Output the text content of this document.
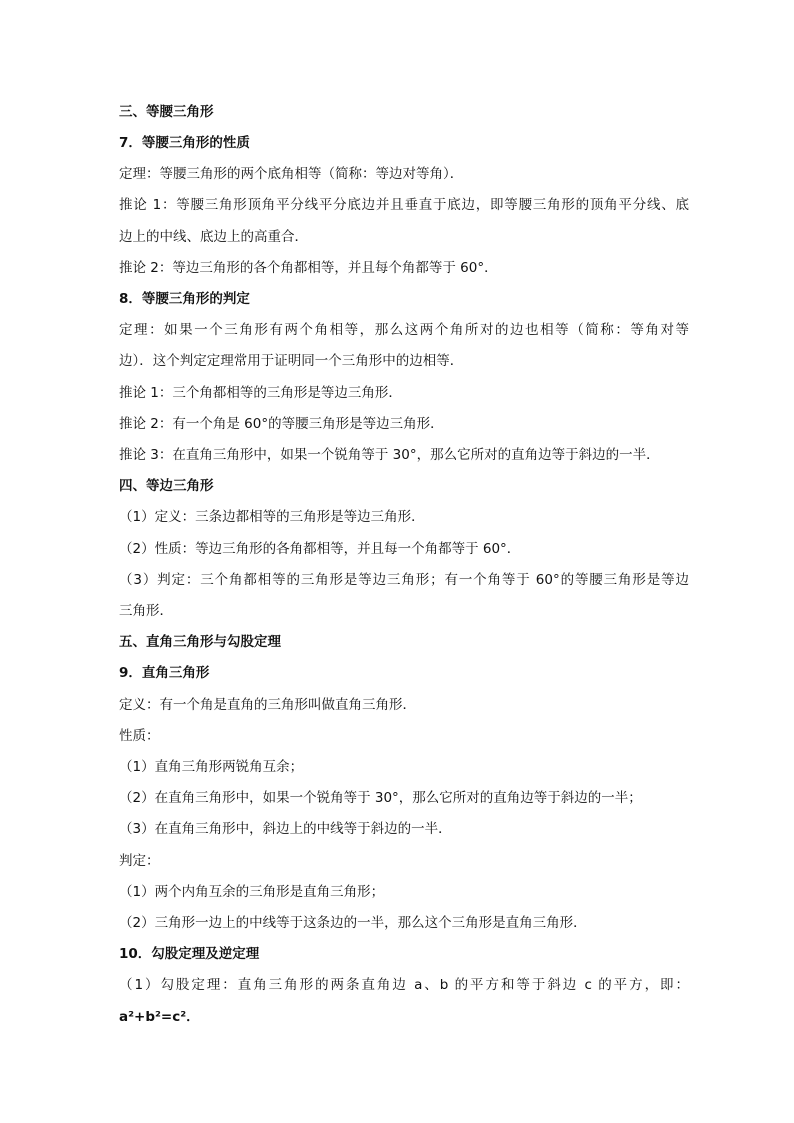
三、等腰三角形
7．等腰三角形的性质
定理：等腰三角形的两个底角相等（简称：等边对等角）．
推论 1：等腰三角形顶角平分线平分底边并且垂直于底边，即等腰三角形的顶角平分线、底
边上的中线、底边上的高重合．
推论 2：等边三角形的各个角都相等，并且每个角都等于 60°．
8．等腰三角形的判定
定理：如果一个三角形有两个角相等，那么这两个角所对的边也相等（简称：等角对等
边）．这个判定定理常用于证明同一个三角形中的边相等．
推论 1：三个角都相等的三角形是等边三角形．
推论 2：有一个角是 60°的等腰三角形是等边三角形．
推论 3：在直角三角形中，如果一个锐角等于 30°，那么它所对的直角边等于斜边的一半．
四、等边三角形
（1）定义：三条边都相等的三角形是等边三角形．
（2）性质：等边三角形的各角都相等，并且每一个角都等于 60°．
（3）判定：三个角都相等的三角形是等边三角形；有一个角等于 60°的等腰三角形是等边
三角形．
五、直角三角形与勾股定理
9．直角三角形
定义：有一个角是直角的三角形叫做直角三角形．
性质：
（1）直角三角形两锐角互余；
（2）在直角三角形中，如果一个锐角等于 30°，那么它所对的直角边等于斜边的一半；
（3）在直角三角形中，斜边上的中线等于斜边的一半．
判定：
（1）两个内角互余的三角形是直角三角形；
（2）三角形一边上的中线等于这条边的一半，那么这个三角形是直角三角形．
10．勾股定理及逆定理
（1）勾股定理：直角三角形的两条直角边 a、b 的平方和等于斜边 c 的平方，即：
a²+b²=c²．
